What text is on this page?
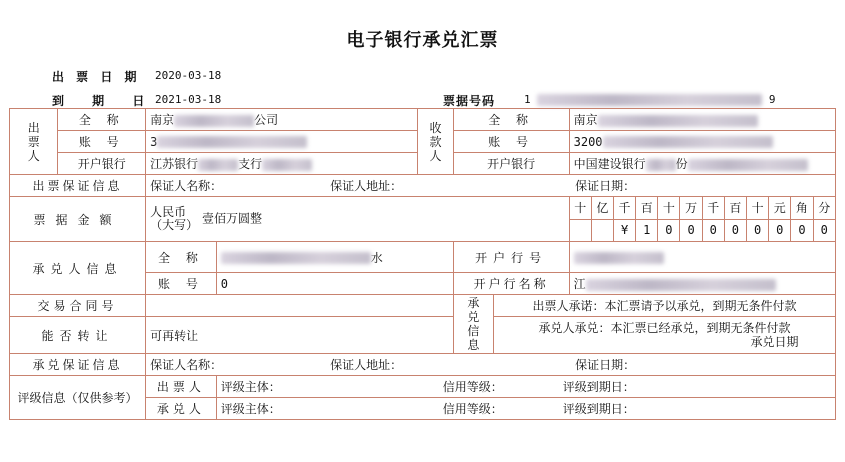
电子银行承兑汇票
出 票 日 期 2020-03-18
到 期 日
2021-03-18	票据号码	1	9
出票人	全 称	南京 公司		收款人	全 称		南京											
	账 号	3			账 号		3200											
	开户银行	江苏银行 支行			开户银行		中国建设银行 份											
出票保证信息		保证人名称： 保证人地址： 保证日期：																
票据金额		人民币
（大写） 壹佰万圆整					十	亿	千	百	十	万	千	百	十	元	角	分
									¥	1	0	0	0	0	0	0	0	0
承兑人信息		全 称	水		开户行号													
		账 号	0		开户行名称		江											
交易合同号					承兑信息	出票人承诺：本汇票请予以承兑，到期无条件付款												
能否转让		可再转让				承兑人承兑：本汇票已经承兑，到期无条件付款
承兑日期												

承兑保证信息		保证人名称： 保证人地址： 保证日期：																
评级信息（仅供参考）		出票人	评级主体： 信用等级： 评级到期日：															
		承兑人	评级主体： 信用等级： 评级到期日：															
